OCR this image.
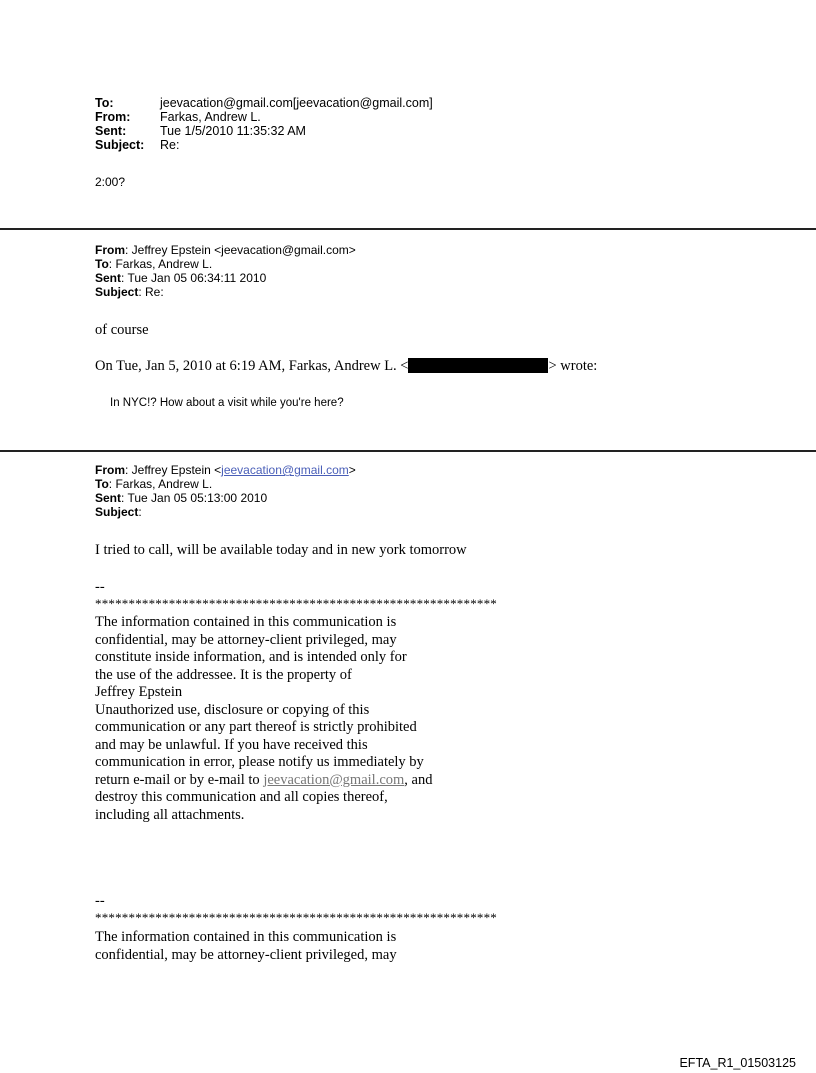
To:	jeevacation@gmail.com[jeevacation@gmail.com]
From:	Farkas, Andrew L.
Sent:	Tue 1/5/2010 11:35:32 AM
Subject:	Re:
2:00?
From: Jeffrey Epstein <jeevacation@gmail.com>
To: Farkas, Andrew L.
Sent: Tue Jan 05 06:34:11 2010
Subject: Re:
of course
On Tue, Jan 5, 2010 at 6:19 AM, Farkas, Andrew L. <	> wrote:
In NYC!? How about a visit while you're here?
From: Jeffrey Epstein <jeevacation@gmail.com>
To: Farkas, Andrew L.
Sent: Tue Jan 05 05:13:00 2010
Subject:
I tried to call, will be available today and in new york tomorrow
--
************************************************************
The information contained in this communication is
confidential, may be attorney-client privileged, may
constitute inside information, and is intended only for
the use of the addressee. It is the property of
Jeffrey Epstein
Unauthorized use, disclosure or copying of this
communication or any part thereof is strictly prohibited
and may be unlawful. If you have received this
communication in error, please notify us immediately by
return e-mail or by e-mail to jeevacation@gmail.com, and
destroy this communication and all copies thereof,
including all attachments.
--
************************************************************
The information contained in this communication is
confidential, may be attorney-client privileged, may
EFTA_R1_01503125
